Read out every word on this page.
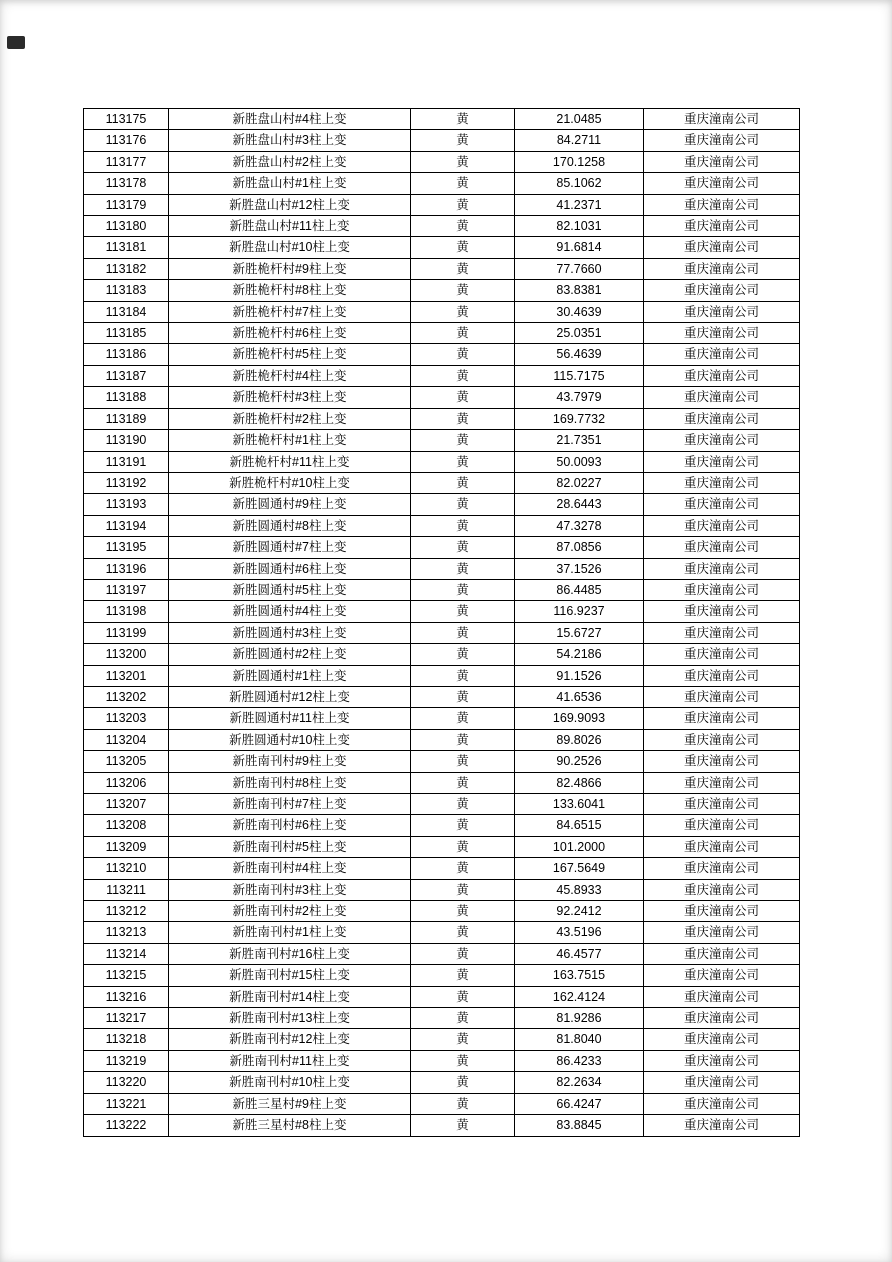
113175	新胜盘山村#4柱上变	黄	21.0485	重庆潼南公司
113176	新胜盘山村#3柱上变	黄	84.2711	重庆潼南公司
113177	新胜盘山村#2柱上变	黄	170.1258	重庆潼南公司
113178	新胜盘山村#1柱上变	黄	85.1062	重庆潼南公司
113179	新胜盘山村#12柱上变	黄	41.2371	重庆潼南公司
113180	新胜盘山村#11柱上变	黄	82.1031	重庆潼南公司
113181	新胜盘山村#10柱上变	黄	91.6814	重庆潼南公司
113182	新胜桅杆村#9柱上变	黄	77.7660	重庆潼南公司
113183	新胜桅杆村#8柱上变	黄	83.8381	重庆潼南公司
113184	新胜桅杆村#7柱上变	黄	30.4639	重庆潼南公司
113185	新胜桅杆村#6柱上变	黄	25.0351	重庆潼南公司
113186	新胜桅杆村#5柱上变	黄	56.4639	重庆潼南公司
113187	新胜桅杆村#4柱上变	黄	115.7175	重庆潼南公司
113188	新胜桅杆村#3柱上变	黄	43.7979	重庆潼南公司
113189	新胜桅杆村#2柱上变	黄	169.7732	重庆潼南公司
113190	新胜桅杆村#1柱上变	黄	21.7351	重庆潼南公司
113191	新胜桅杆村#11柱上变	黄	50.0093	重庆潼南公司
113192	新胜桅杆村#10柱上变	黄	82.0227	重庆潼南公司
113193	新胜圆通村#9柱上变	黄	28.6443	重庆潼南公司
113194	新胜圆通村#8柱上变	黄	47.3278	重庆潼南公司
113195	新胜圆通村#7柱上变	黄	87.0856	重庆潼南公司
113196	新胜圆通村#6柱上变	黄	37.1526	重庆潼南公司
113197	新胜圆通村#5柱上变	黄	86.4485	重庆潼南公司
113198	新胜圆通村#4柱上变	黄	116.9237	重庆潼南公司
113199	新胜圆通村#3柱上变	黄	15.6727	重庆潼南公司
113200	新胜圆通村#2柱上变	黄	54.2186	重庆潼南公司
113201	新胜圆通村#1柱上变	黄	91.1526	重庆潼南公司
113202	新胜圆通村#12柱上变	黄	41.6536	重庆潼南公司
113203	新胜圆通村#11柱上变	黄	169.9093	重庆潼南公司
113204	新胜圆通村#10柱上变	黄	89.8026	重庆潼南公司
113205	新胜南刊村#9柱上变	黄	90.2526	重庆潼南公司
113206	新胜南刊村#8柱上变	黄	82.4866	重庆潼南公司
113207	新胜南刊村#7柱上变	黄	133.6041	重庆潼南公司
113208	新胜南刊村#6柱上变	黄	84.6515	重庆潼南公司
113209	新胜南刊村#5柱上变	黄	101.2000	重庆潼南公司
113210	新胜南刊村#4柱上变	黄	167.5649	重庆潼南公司
113211	新胜南刊村#3柱上变	黄	45.8933	重庆潼南公司
113212	新胜南刊村#2柱上变	黄	92.2412	重庆潼南公司
113213	新胜南刊村#1柱上变	黄	43.5196	重庆潼南公司
113214	新胜南刊村#16柱上变	黄	46.4577	重庆潼南公司
113215	新胜南刊村#15柱上变	黄	163.7515	重庆潼南公司
113216	新胜南刊村#14柱上变	黄	162.4124	重庆潼南公司
113217	新胜南刊村#13柱上变	黄	81.9286	重庆潼南公司
113218	新胜南刊村#12柱上变	黄	81.8040	重庆潼南公司
113219	新胜南刊村#11柱上变	黄	86.4233	重庆潼南公司
113220	新胜南刊村#10柱上变	黄	82.2634	重庆潼南公司
113221	新胜三星村#9柱上变	黄	66.4247	重庆潼南公司
113222	新胜三星村#8柱上变	黄	83.8845	重庆潼南公司
